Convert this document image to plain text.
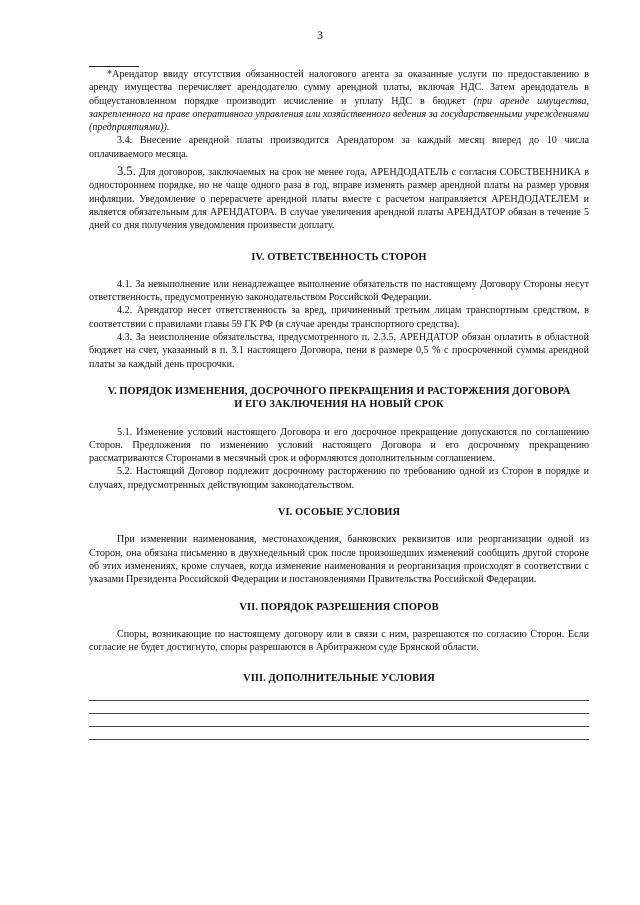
3

*Арендатор ввиду отсутствия обязанностей налогового агента за оказанные услуги по предоставлению в аренду имущества перечисляет арендодателю сумму арендной платы, включая НДС. Затем арендодатель в общеустановленном порядке производит исчисление и уплату НДС в бюджет (при аренде имущества, закрепленного на праве оперативного управления или хозяйственного ведения за государственными учреждениями (предприятиями)).

3.4. Внесение арендной платы производится Арендатором за каждый месяц вперед до 10 числа оплачиваемого месяца.

3.5. Для договоров, заключаемых на срок не менее года, АРЕНДОДАТЕЛЬ с согласия СОБСТВЕННИКА в одностороннем порядке, но не чаще одного раза в год, вправе изменять размер арендной платы на размер уровня инфляции. Уведомление о перерасчете арендной платы вместе с расчетом направляется АРЕНДОДАТЕЛЕМ и является обязательным для АРЕНДАТОРА. В случае увеличения арендной платы АРЕНДАТОР обязан в течение 5 дней со дня получения уведомления произвести доплату.

IV. ОТВЕТСТВЕННОСТЬ СТОРОН

4.1. За невыполнение или ненадлежащее выполнение обязательств по настоящему Договору Стороны несут ответственность, предусмотренную законодательством Российской Федерации.

4.2. Арендатор несет ответственность за вред, причиненный третьим лицам транспортным средством, в соответствии с правилами главы 59 ГК РФ (в случае аренды транспортного средства).

4.3. За неисполнение обязательства, предусмотренного п. 2.3.5, АРЕНДАТОР обязан оплатить в областной бюджет на счет, указанный в п. 3.1 настоящего Договора, пени в размере 0,5 % с просроченной суммы арендной платы за каждый день просрочки.

V. ПОРЯДОК ИЗМЕНЕНИЯ, ДОСРОЧНОГО ПРЕКРАЩЕНИЯ И РАСТОРЖЕНИЯ ДОГОВОРА
И ЕГО ЗАКЛЮЧЕНИЯ НА НОВЫЙ СРОК

5.1. Изменение условий настоящего Договора и его досрочное прекращение допускаются по соглашению Сторон. Предложения по изменению условий настоящего Договора и его досрочному прекращению рассматриваются Сторонами в месячный срок и оформляются дополнительным соглашением.

5.2. Настоящий Договор подлежит досрочному расторжению по требованию одной из Сторон в порядке и случаях, предусмотренных действующим законодательством.

VI. ОСОБЫЕ УСЛОВИЯ

При изменении наименования, местонахождения, банковских реквизитов или реорганизации одной из Сторон, она обязана письменно в двухнедельный срок после произошедших изменений сообщить другой стороне об этих изменениях, кроме случаев, когда изменение наименования и реорганизация происходят в соответствии с указами Президента Российской Федерации и постановлениями Правительства Российской Федерации.

VII. ПОРЯДОК РАЗРЕШЕНИЯ СПОРОВ

Споры, возникающие по настоящему договору или в связи с ним, разрешаются по согласию Сторон. Если согласие не будет достигнуто, споры разрешаются в Арбитражном суде Брянской области.

VIII. ДОПОЛНИТЕЛЬНЫЕ УСЛОВИЯ
